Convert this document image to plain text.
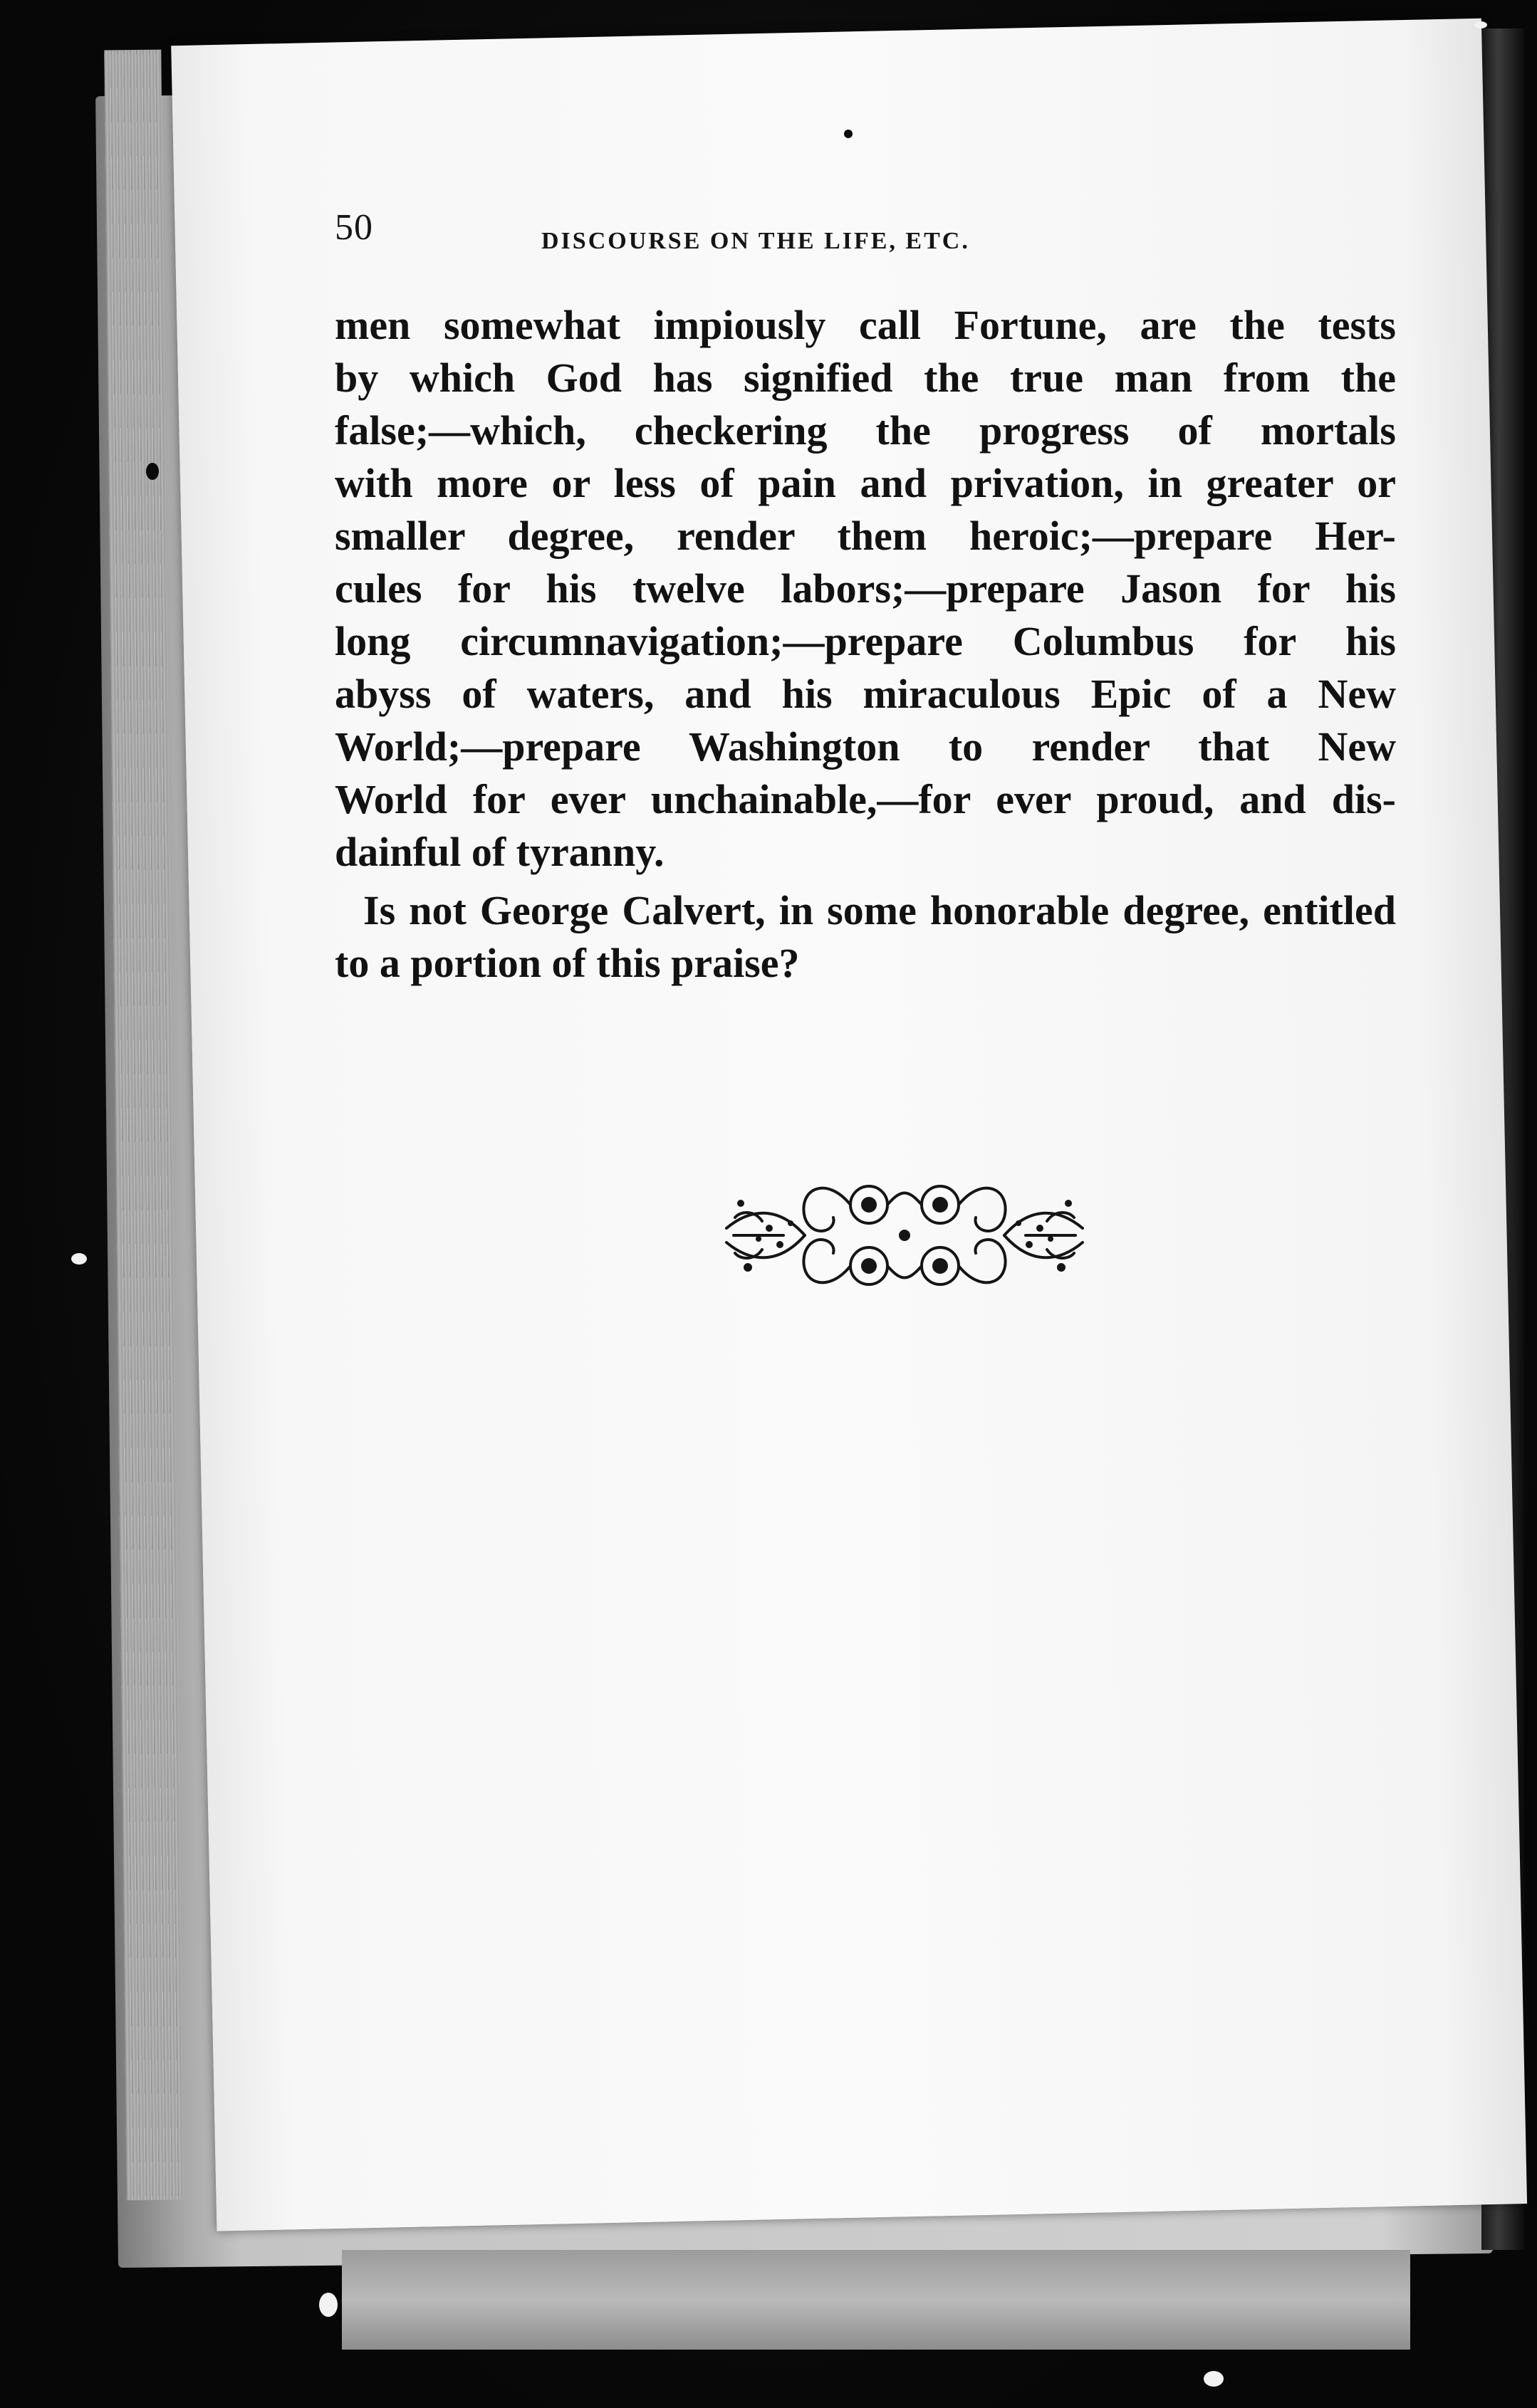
50	DISCOURSE ON THE LIFE, ETC.

men somewhat impiously call Fortune, are the tests
by which God has signified the true man from the
false;—which, checkering the progress of mortals
with more or less of pain and privation, in greater or
smaller degree, render them heroic;—prepare Her-
cules for his twelve labors;—prepare Jason for his
long circumnavigation;—prepare Columbus for his
abyss of waters, and his miraculous Epic of a New
World;—prepare Washington to render that New
World for ever unchainable,—for ever proud, and dis-
dainful of tyranny.

Is not George Calvert, in some honorable degree, entitled to a portion of this praise?
